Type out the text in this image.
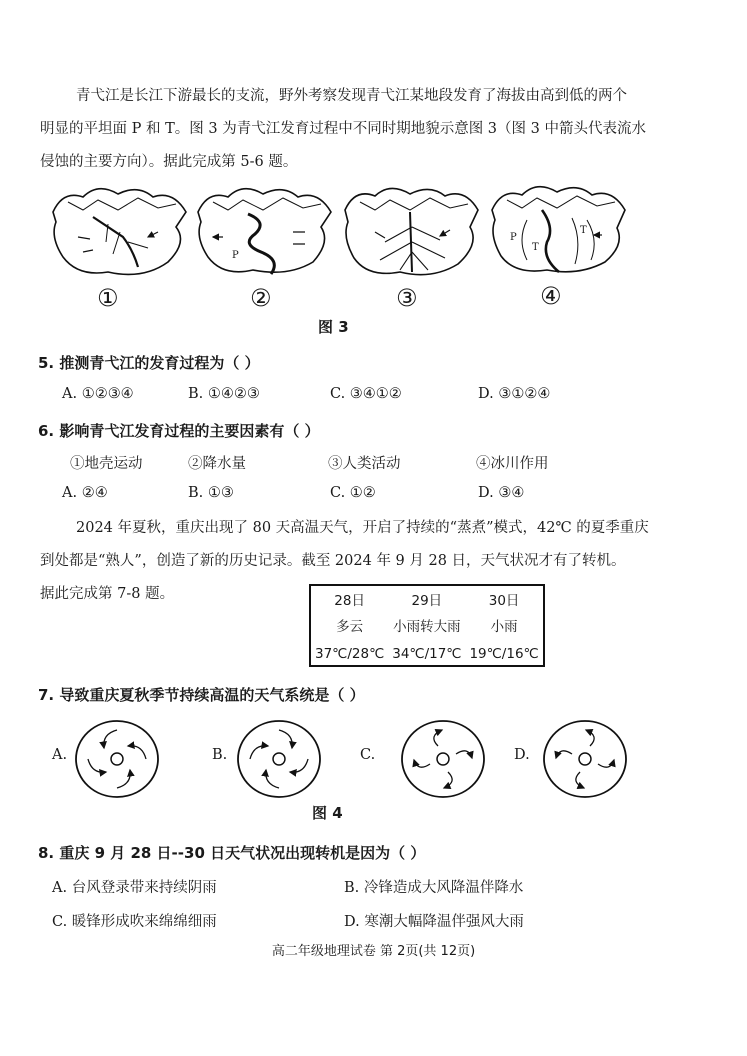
青弋江是长江下游最长的支流，野外考察发现青弋江某地段发育了海拔由高到低的两个
明显的平坦面 P 和 T。图 3 为青弋江发育过程中不同时期地貌示意图 3（图 3 中箭头代表流水
侵蚀的主要方向）。据此完成第 5-6 题。
P
P
T
T
①	②	③	④
图 3
5. 推测青弋江的发育过程为（ ）
A. ①②③④	B. ①④②③	C. ③④①②	D. ③①②④
6. 影响青弋江发育过程的主要因素有（ ）
①地壳运动	②降水量	③人类活动	④冰川作用
A. ②④	B. ①③	C. ①②	D. ③④
2024 年夏秋，重庆出现了 80 天高温天气，开启了持续的“蒸煮”模式，42℃ 的夏季重庆
到处都是“熟人”，创造了新的历史记录。截至 2024 年 9 月 28 日，天气状况才有了转机。
据此完成第 7-8 题。	28日	29日	30日
多云	小雨转大雨	小雨
37℃/28℃	34℃/17℃	19℃/16℃
7. 导致重庆夏秋季节持续高温的天气系统是（ ）
A.	B.	C.	D.
图 4
8. 重庆 9 月 28 日--30 日天气状况出现转机是因为（ ）
A. 台风登录带来持续阴雨	B. 冷锋造成大风降温伴降水
C. 暖锋形成吹来绵绵细雨	D. 寒潮大幅降温伴强风大雨
高二年级地理试卷 第 2页(共 12页)
